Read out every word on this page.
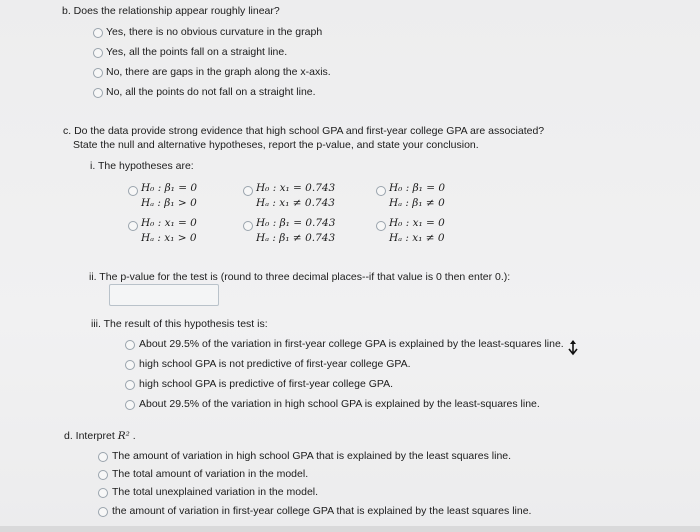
b. Does the relationship appear roughly linear?
Yes, there is no obvious curvature in the graph
Yes, all the points fall on a straight line.
No, there are gaps in the graph along the x-axis.
No, all the points do not fall on a straight line.
c. Do the data provide strong evidence that high school GPA and first-year college GPA are associated?
State the null and alternative hypotheses, report the p-value, and state your conclusion.
i. The hypotheses are:
H₀ : β₁ = 0
Hₐ : β₁ > 0
H₀ : x₁ = 0.743
Hₐ : x₁ ≠ 0.743
H₀ : β₁ = 0
Hₐ : β₁ ≠ 0
H₀ : x₁ = 0
Hₐ : x₁ > 0
H₀ : β₁ = 0.743
Hₐ : β₁ ≠ 0.743
H₀ : x₁ = 0
Hₐ : x₁ ≠ 0
ii. The p-value for the test is (round to three decimal places--if that value is 0 then enter 0.):
iii. The result of this hypothesis test is:
About 29.5% of the variation in first-year college GPA is explained by the least-squares line.
high school GPA is not predictive of first-year college GPA.
high school GPA is predictive of first-year college GPA.
About 29.5% of the variation in high school GPA is explained by the least-squares line.
d. Interpret R² .
The amount of variation in high school GPA that is explained by the least squares line.
The total amount of variation in the model.
The total unexplained variation in the model.
the amount of variation in first-year college GPA that is explained by the least squares line.
